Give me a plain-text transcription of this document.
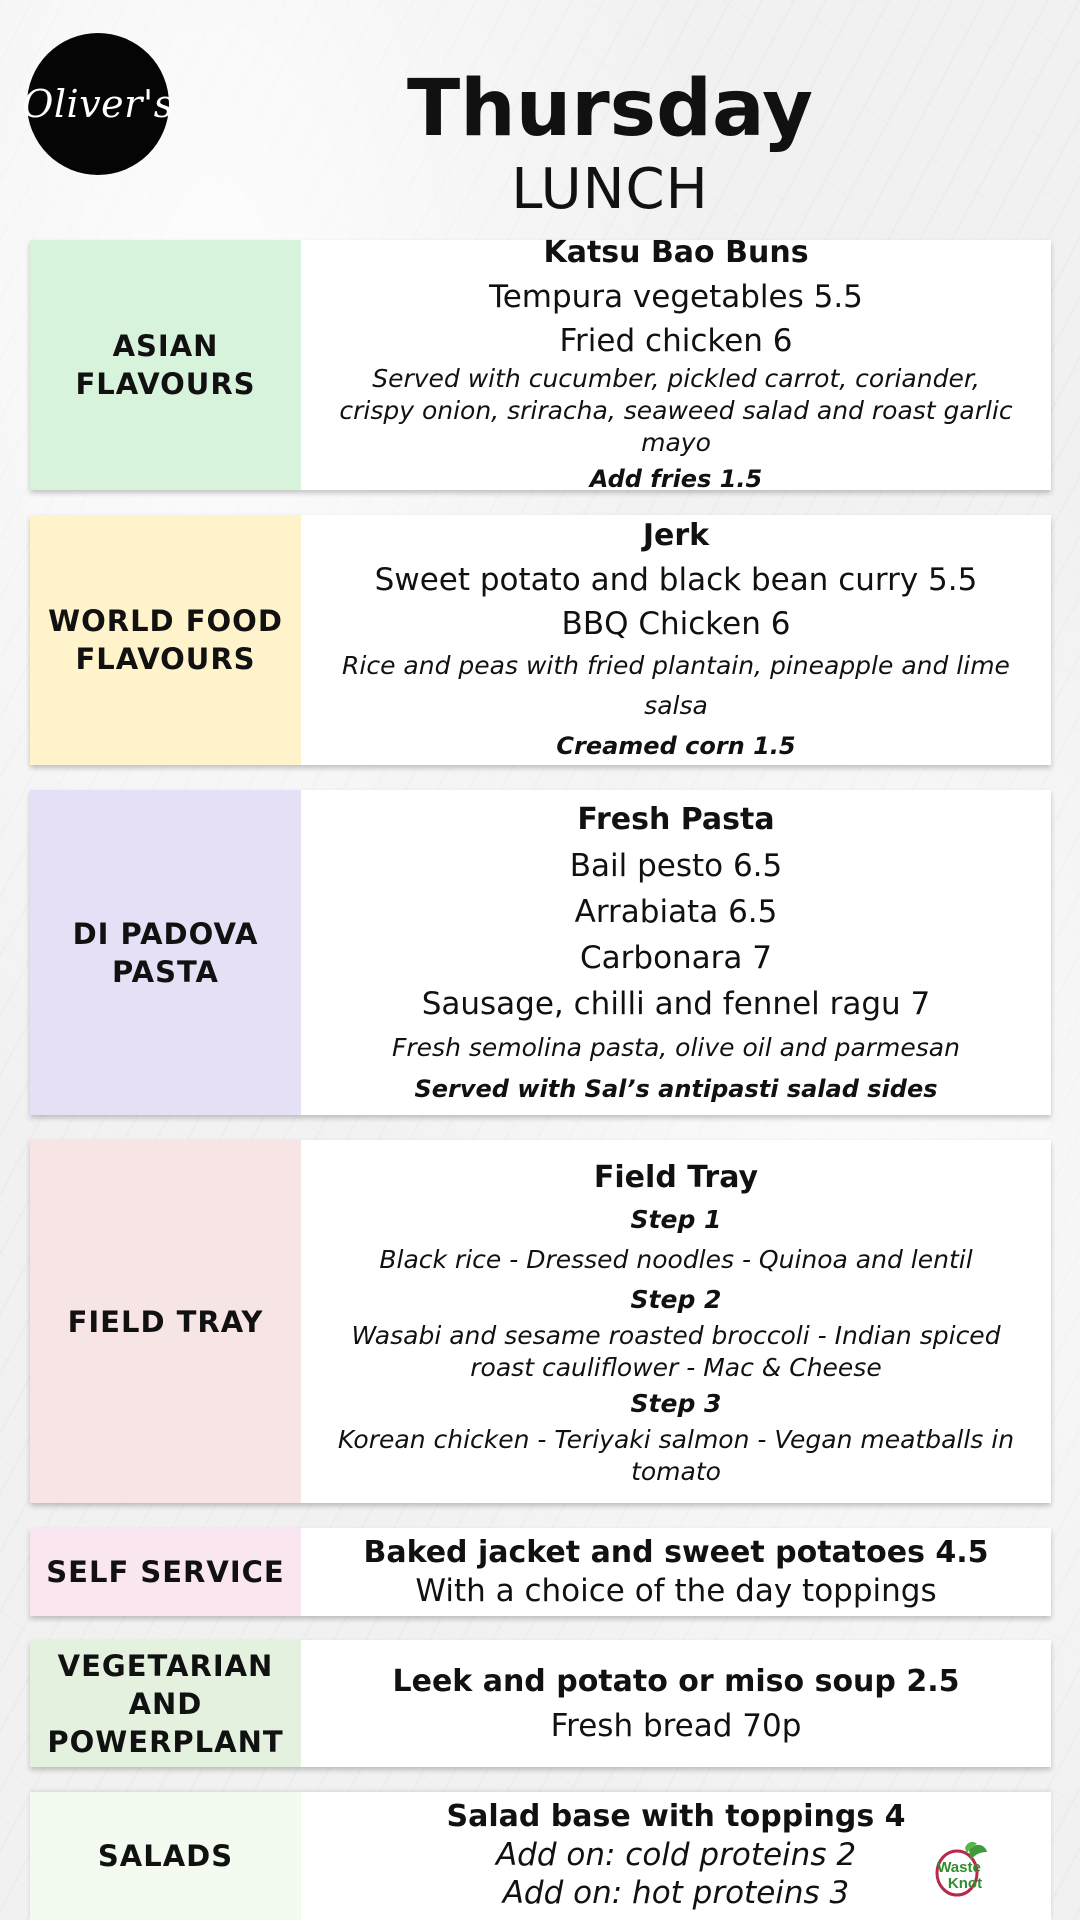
Oliver's	Thursday
LUNCH
ASIAN FLAVOURS
Katsu Bao Buns
Tempura vegetables 5.5
Fried chicken 6
Served with cucumber, pickled carrot, coriander, crispy onion, sriracha, seaweed salad and roast garlic mayo
Add fries 1.5
WORLD FOOD FLAVOURS
Jerk
Sweet potato and black bean curry 5.5
BBQ Chicken 6
Rice and peas with fried plantain, pineapple and lime salsa
Creamed corn 1.5
DI PADOVA PASTA
Fresh Pasta
Bail pesto 6.5
Arrabiata 6.5
Carbonara 7
Sausage, chilli and fennel ragu 7
Fresh semolina pasta, olive oil and parmesan
Served with Sal’s antipasti salad sides
FIELD TRAY
Field Tray
Step 1
Black rice - Dressed noodles - Quinoa and lentil
Step 2
Wasabi and sesame roasted broccoli - Indian spiced roast cauliflower - Mac & Cheese
Step 3
Korean chicken - Teriyaki salmon - Vegan meatballs in tomato
SELF SERVICE
Baked jacket and sweet potatoes 4.5
With a choice of the day toppings
VEGETARIAN AND POWERPLANT
Leek and potato or miso soup 2.5
Fresh bread 70p
SALADS
Salad base with toppings 4
Add on: cold proteins 2
Add on: hot proteins 3
Waste
Knot
